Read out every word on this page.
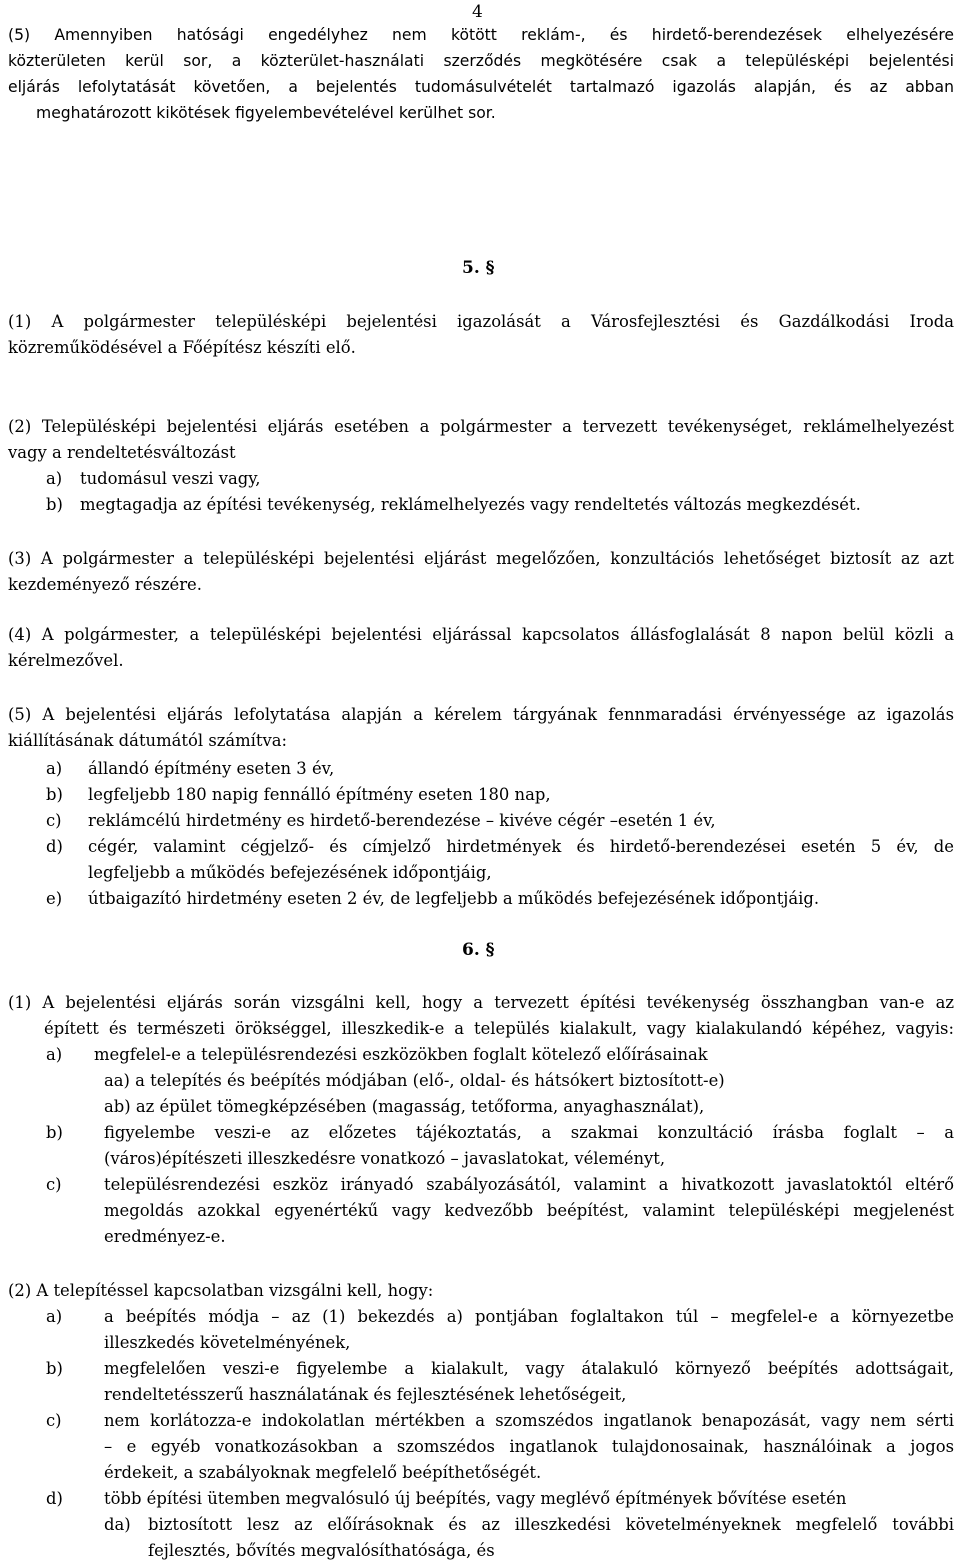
4
(5) Amennyiben hatósági engedélyhez nem kötött reklám-, és hirdető-berendezések elhelyezésére
közterületen kerül sor, a közterület-használati szerződés megkötésére csak a településképi bejelentési
eljárás lefolytatását követően, a bejelentés tudomásulvételét tartalmazó igazolás alapján, és az abban
meghatározott kikötések figyelembevételével kerülhet sor.
5. §
(1) A polgármester településképi bejelentési igazolását a Városfejlesztési és Gazdálkodási Iroda
közreműködésével a Főépítész készíti elő.
(2) Településképi bejelentési eljárás esetében a polgármester a tervezett tevékenységet, reklámelhelyezést
vagy a rendeltetésváltozást
a)	tudomásul veszi vagy,
b)	megtagadja az építési tevékenység, reklámelhelyezés vagy rendeltetés változás megkezdését.
(3) A polgármester a településképi bejelentési eljárást megelőzően, konzultációs lehetőséget biztosít az azt
kezdeményező részére.
(4) A polgármester, a településképi bejelentési eljárással kapcsolatos állásfoglalását 8 napon belül közli a
kérelmezővel.
(5) A bejelentési eljárás lefolytatása alapján a kérelem tárgyának fennmaradási érvényessége az igazolás
kiállításának dátumától számítva:
a)	állandó építmény eseten 3 év,
b)	legfeljebb 180 napig fennálló építmény eseten 180 nap,
c)	reklámcélú hirdetmény es hirdető-berendezése – kivéve cégér –esetén 1 év,
d)	cégér, valamint cégjelző- és címjelző hirdetmények és hirdető-berendezései esetén 5 év, de
legfeljebb a működés befejezésének időpontjáig,
e)	útbaigazító hirdetmény eseten 2 év, de legfeljebb a működés befejezésének időpontjáig.
6. §
(1) A bejelentési eljárás során vizsgálni kell, hogy a tervezett építési tevékenység összhangban van-e az
épített és természeti örökséggel, illeszkedik-e a település kialakult, vagy kialakulandó képéhez, vagyis:
a)	megfelel-e a településrendezési eszközökben foglalt kötelező előírásainak
aa) a telepítés és beépítés módjában (elő-, oldal- és hátsókert biztosított-e)
ab) az épület tömegképzésében (magasság, tetőforma, anyaghasználat),
b)	figyelembe veszi-e az előzetes tájékoztatás, a szakmai konzultáció írásba foglalt – a
(város)építészeti illeszkedésre vonatkozó – javaslatokat, véleményt,
c)	településrendezési eszköz irányadó szabályozásától, valamint a hivatkozott javaslatoktól eltérő
megoldás azokkal egyenértékű vagy kedvezőbb beépítést, valamint településképi megjelenést
eredményez-e.
(2) A telepítéssel kapcsolatban vizsgálni kell, hogy:
a)	a beépítés módja – az (1) bekezdés a) pontjában foglaltakon túl – megfelel-e a környezetbe
illeszkedés követelményének,
b)	megfelelően veszi-e figyelembe a kialakult, vagy átalakuló környező beépítés adottságait,
rendeltetésszerű használatának és fejlesztésének lehetőségeit,
c)	nem korlátozza-e indokolatlan mértékben a szomszédos ingatlanok benapozását, vagy nem sérti
– e egyéb vonatkozásokban a szomszédos ingatlanok tulajdonosainak, használóinak a jogos
érdekeit, a szabályoknak megfelelő beépíthetőségét.
d)	több építési ütemben megvalósuló új beépítés, vagy meglévő építmények bővítése esetén
da)	biztosított lesz az előírásoknak és az illeszkedési követelményeknek megfelelő további
fejlesztés, bővítés megvalósíthatósága, és
